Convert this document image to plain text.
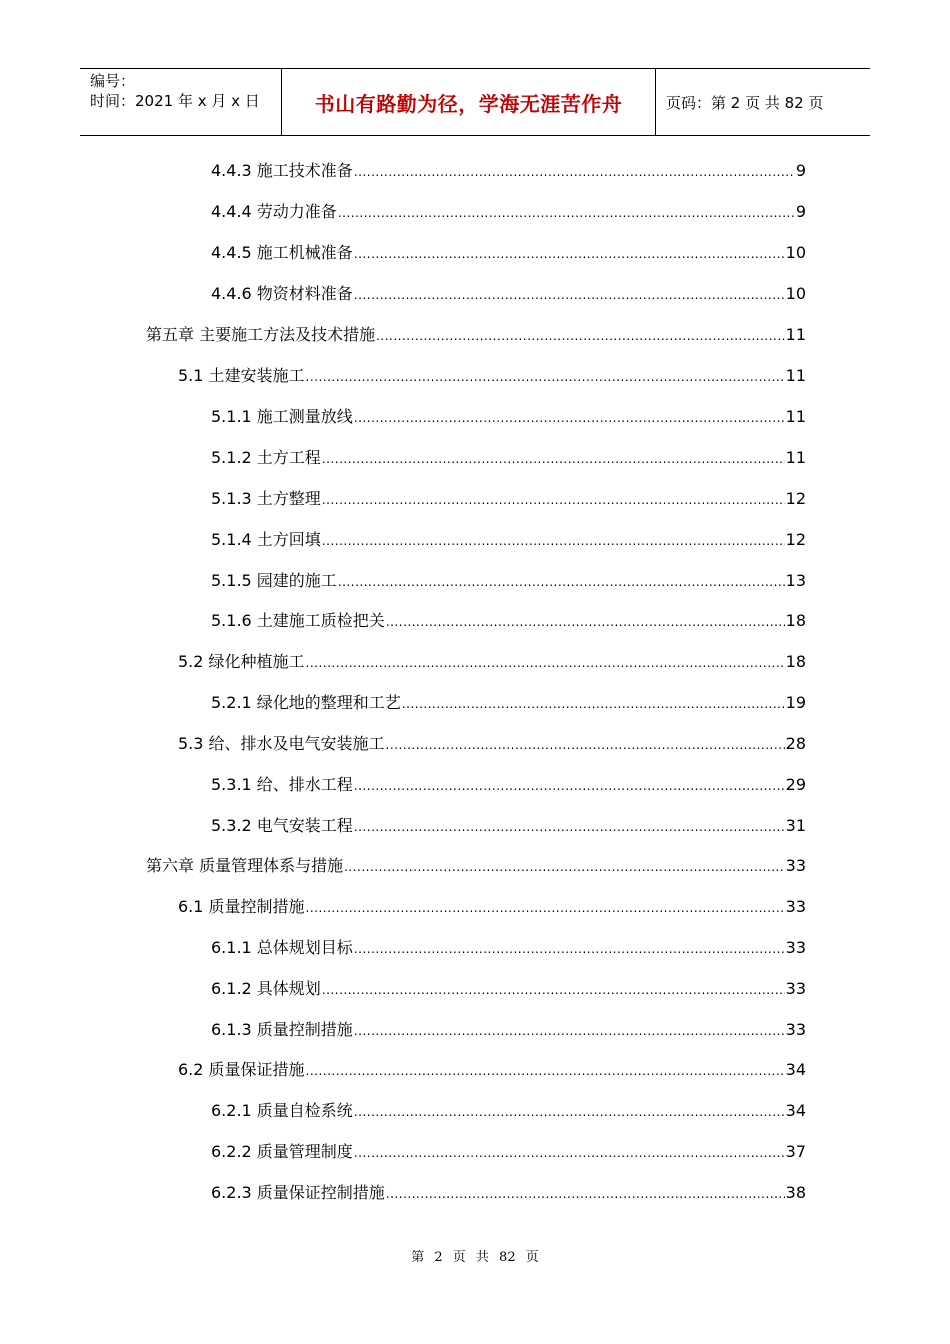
编号：
时间：2021 年 x 月 x 日	书山有路勤为径，学海无涯苦作舟	页码：第 2 页 共 82 页
4.4.3 施工技术准备 .....	9
4.4.4 劳动力准备 .....	9
4.4.5 施工机械准备 .....	10
4.4.6 物资材料准备 .....	10
第五章 主要施工方法及技术措施 .....	11
5.1 土建安装施工 .....	11
5.1.1 施工测量放线 .....	11
5.1.2 土方工程 .....	11
5.1.3 土方整理 .....	12
5.1.4 土方回填 .....	12
5.1.5 园建的施工 .....	13
5.1.6 土建施工质检把关 .....	18
5.2 绿化种植施工 .....	18
5.2.1 绿化地的整理和工艺 .....	19
5.3 给、排水及电气安装施工 .....	28
5.3.1 给、排水工程 .....	29
5.3.2 电气安装工程 .....	31
第六章 质量管理体系与措施 .....	33
6.1 质量控制措施 .....	33
6.1.1 总体规划目标 .....	33
6.1.2 具体规划 .....	33
6.1.3 质量控制措施 .....	33
6.2 质量保证措施 .....	34
6.2.1 质量自检系统 .....	34
6.2.2 质量管理制度 .....	37
6.2.3 质量保证控制措施 .....	38
第 2 页 共 82 页
